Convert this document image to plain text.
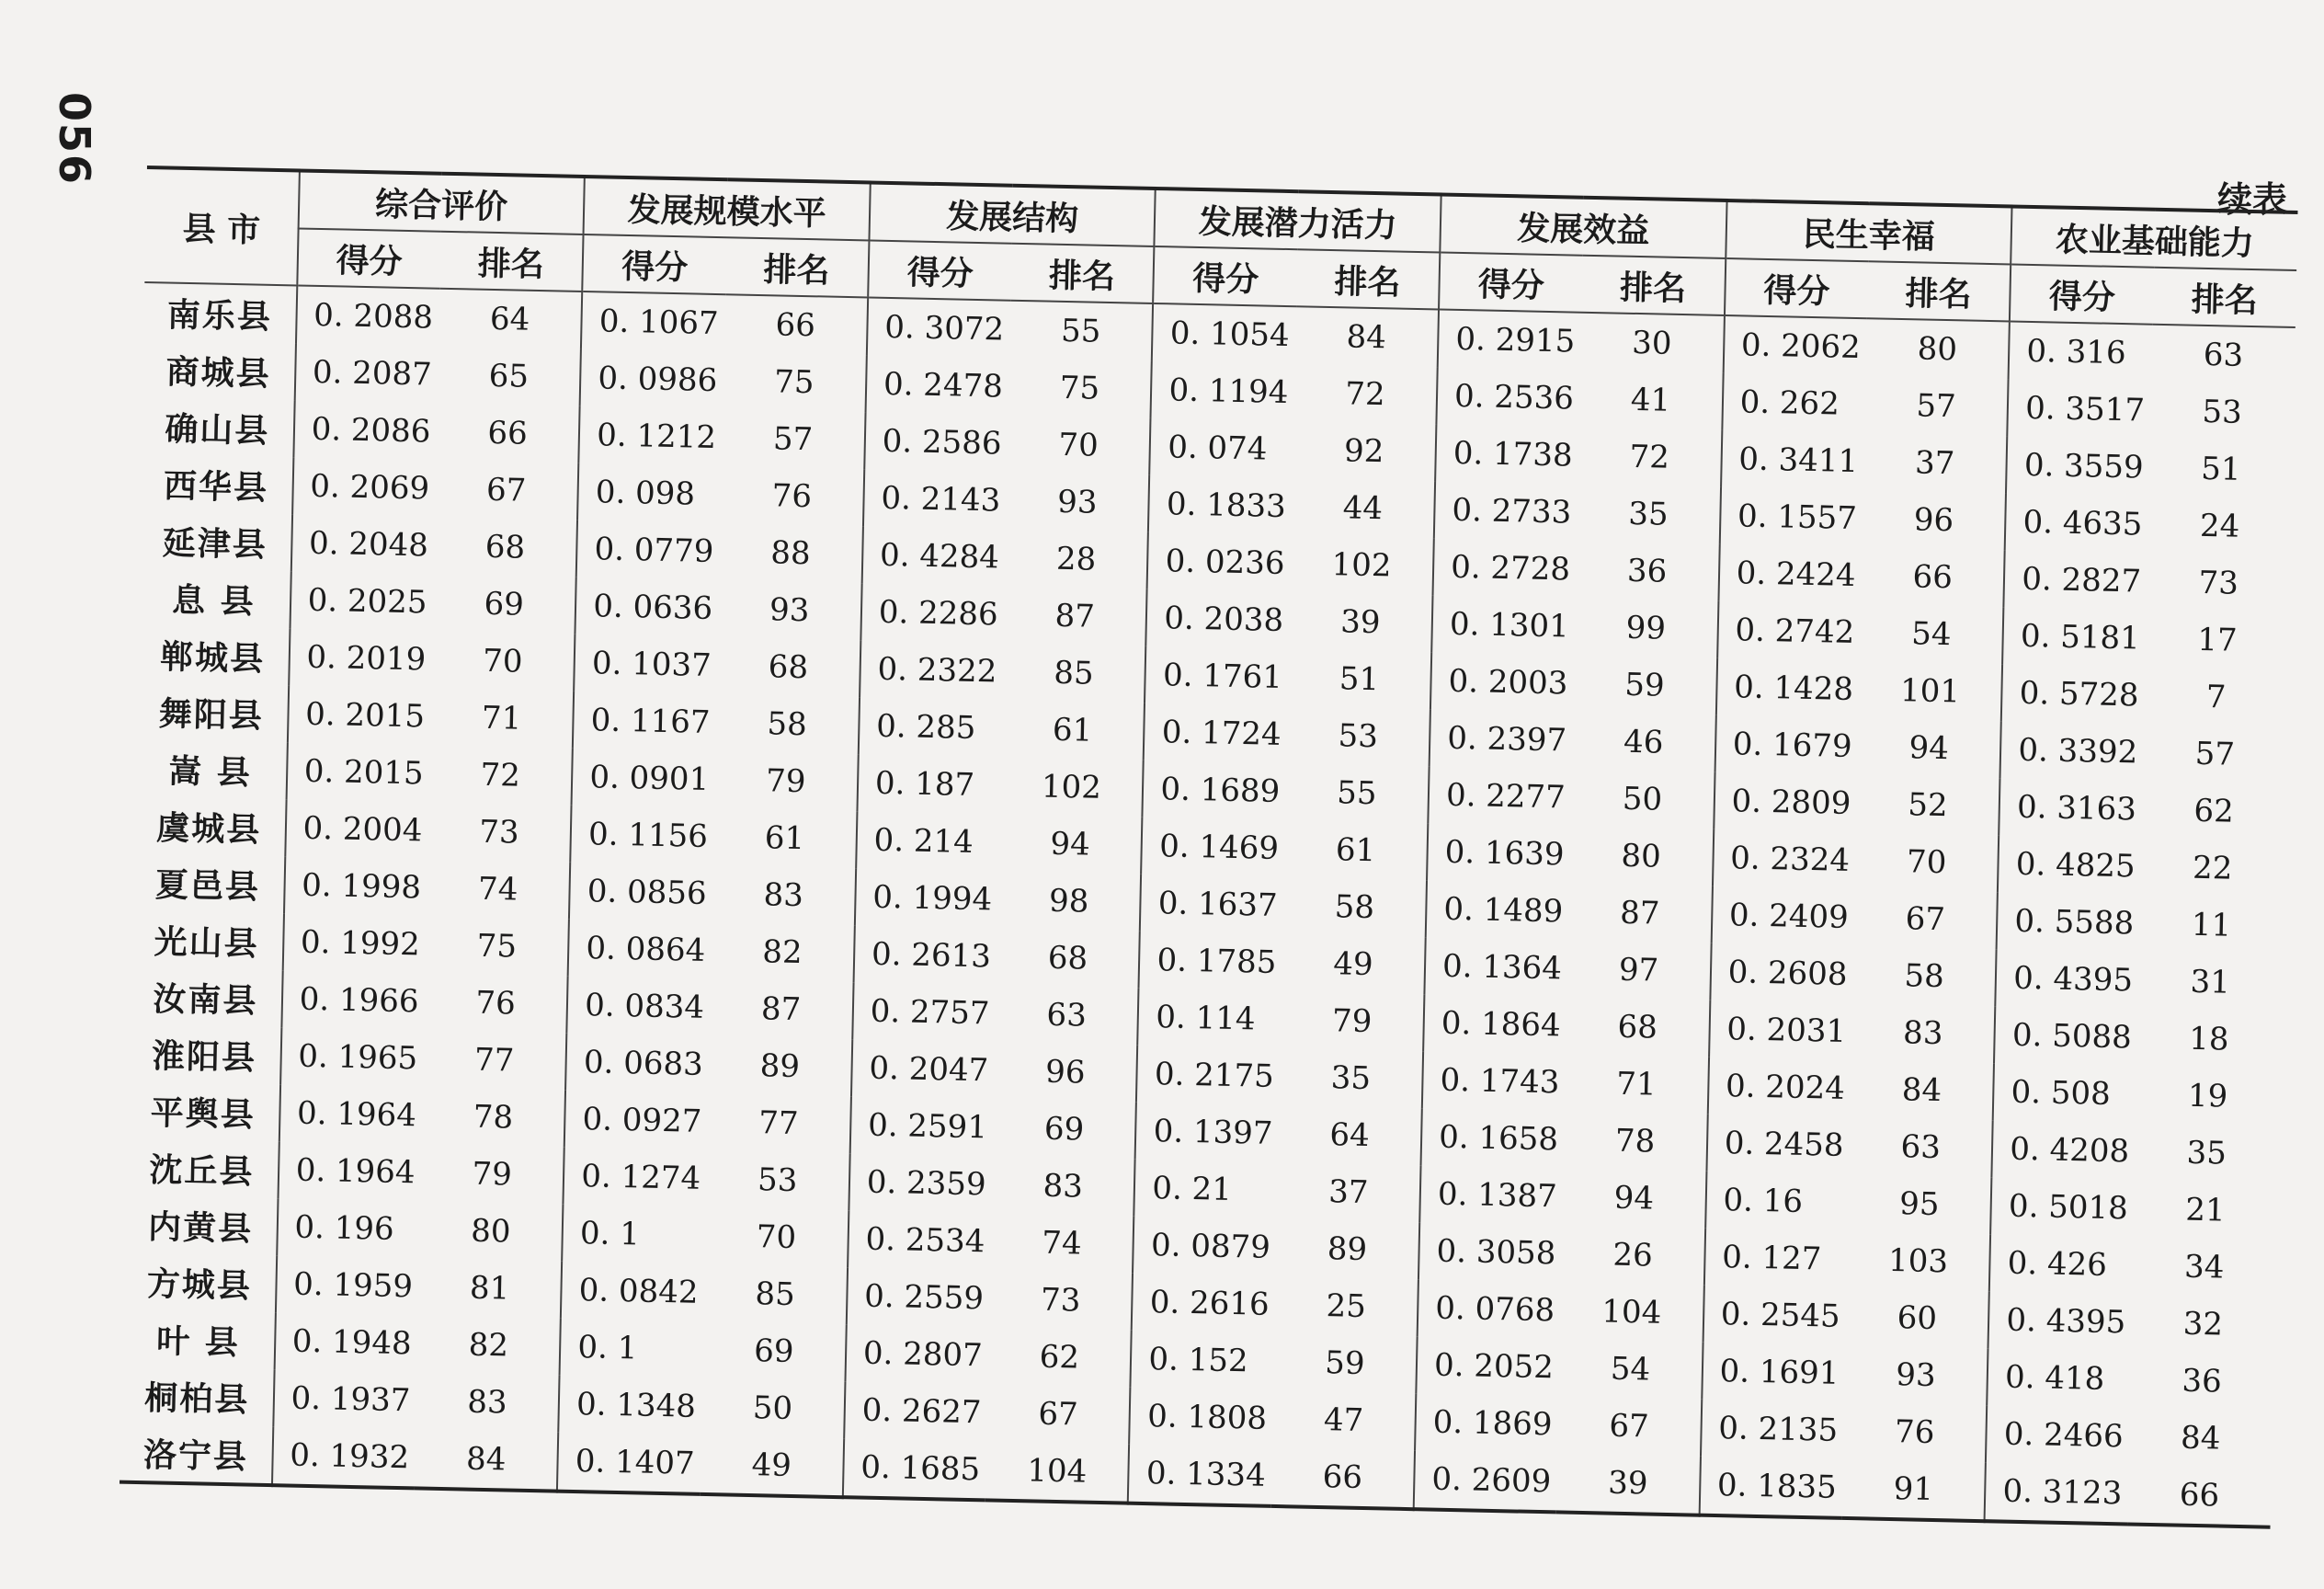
056
续表
县 市	综合评价		发展规模水平		发展结构		发展潜力活力		发展效益		民生幸福		农业基础能力	
	得分	排名	得分	排名	得分	排名	得分	排名	得分	排名	得分	排名	得分	排名
南乐县	0. 2088	64	0. 1067	66	0. 3072	55	0. 1054	84	0. 2915	30	0. 2062	80	0. 316	63
商城县	0. 2087	65	0. 0986	75	0. 2478	75	0. 1194	72	0. 2536	41	0. 262	57	0. 3517	53
确山县	0. 2086	66	0. 1212	57	0. 2586	70	0. 074	92	0. 1738	72	0. 3411	37	0. 3559	51
西华县	0. 2069	67	0. 098	76	0. 2143	93	0. 1833	44	0. 2733	35	0. 1557	96	0. 4635	24
延津县	0. 2048	68	0. 0779	88	0. 4284	28	0. 0236	102	0. 2728	36	0. 2424	66	0. 2827	73
息 县	0. 2025	69	0. 0636	93	0. 2286	87	0. 2038	39	0. 1301	99	0. 2742	54	0. 5181	17
郸城县	0. 2019	70	0. 1037	68	0. 2322	85	0. 1761	51	0. 2003	59	0. 1428	101	0. 5728	7
舞阳县	0. 2015	71	0. 1167	58	0. 285	61	0. 1724	53	0. 2397	46	0. 1679	94	0. 3392	57
嵩 县	0. 2015	72	0. 0901	79	0. 187	102	0. 1689	55	0. 2277	50	0. 2809	52	0. 3163	62
虞城县	0. 2004	73	0. 1156	61	0. 214	94	0. 1469	61	0. 1639	80	0. 2324	70	0. 4825	22
夏邑县	0. 1998	74	0. 0856	83	0. 1994	98	0. 1637	58	0. 1489	87	0. 2409	67	0. 5588	11
光山县	0. 1992	75	0. 0864	82	0. 2613	68	0. 1785	49	0. 1364	97	0. 2608	58	0. 4395	31
汝南县	0. 1966	76	0. 0834	87	0. 2757	63	0. 114	79	0. 1864	68	0. 2031	83	0. 5088	18
淮阳县	0. 1965	77	0. 0683	89	0. 2047	96	0. 2175	35	0. 1743	71	0. 2024	84	0. 508	19
平舆县	0. 1964	78	0. 0927	77	0. 2591	69	0. 1397	64	0. 1658	78	0. 2458	63	0. 4208	35
沈丘县	0. 1964	79	0. 1274	53	0. 2359	83	0. 21	37	0. 1387	94	0. 16	95	0. 5018	21
内黄县	0. 196	80	0. 1	70	0. 2534	74	0. 0879	89	0. 3058	26	0. 127	103	0. 426	34
方城县	0. 1959	81	0. 0842	85	0. 2559	73	0. 2616	25	0. 0768	104	0. 2545	60	0. 4395	32
叶 县	0. 1948	82	0. 1	69	0. 2807	62	0. 152	59	0. 2052	54	0. 1691	93	0. 418	36
桐柏县	0. 1937	83	0. 1348	50	0. 2627	67	0. 1808	47	0. 1869	67	0. 2135	76	0. 2466	84
洛宁县	0. 1932	84	0. 1407	49	0. 1685	104	0. 1334	66	0. 2609	39	0. 1835	91	0. 3123	66
